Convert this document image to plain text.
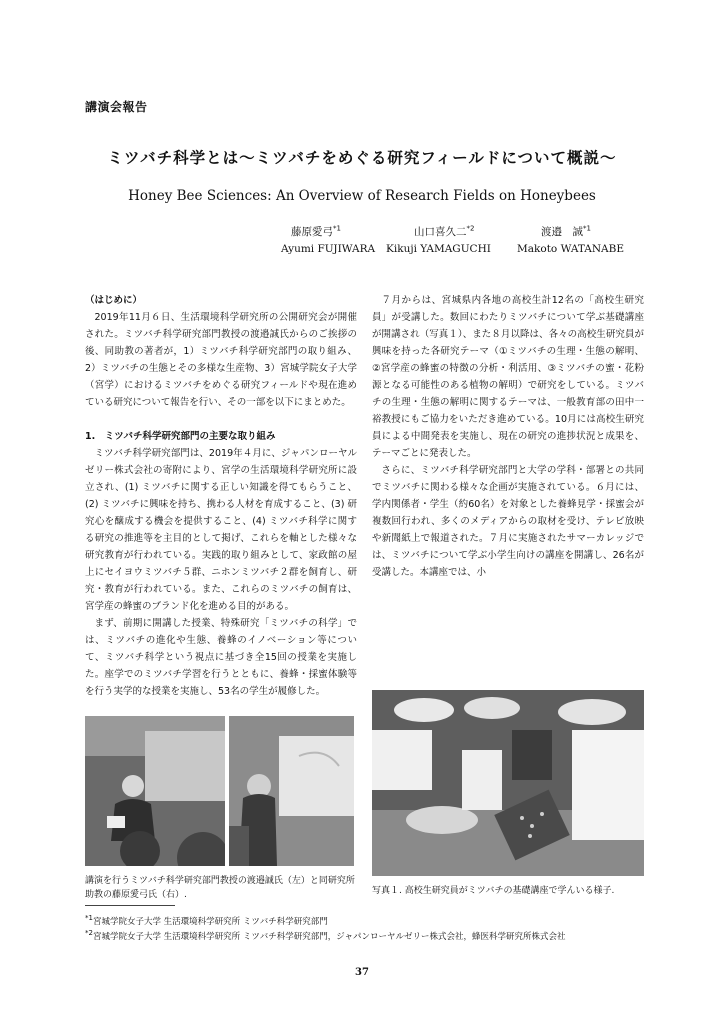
講演会報告
ミツバチ科学とは〜ミツバチをめぐる研究フィールドについて概説〜
Honey Bee Sciences: An Overview of Research Fields on Honeybees
藤原愛弓$^{*1}$	山口喜久二$^{*2}$	渡邉　誠$^{*1}$
Ayumi FUJIWARA Kikuji YAMAGUCHI Makoto WATANABE

（はじめに）

2019年11月６日、生活環境科学研究所の公開研究会が開催された。ミツバチ科学研究部門教授の渡邉誠氏からのご挨拶の後、同助教の著者が，1）ミツバチ科学研究部門の取り組み、2）ミツバチの生態とその多様な生産物、3）宮城学院女子大学（宮学）におけるミツバチをめぐる研究フィールドや現在進めている研究について報告を行い、その一部を以下にまとめた。

1.　ミツバチ科学研究部門の主要な取り組み

ミツバチ科学研究部門は、2019年４月に、ジャパンローヤルゼリー株式会社の寄附により、宮学の生活環境科学研究所に設立され、(1) ミツバチに関する正しい知識を得てもらうこと、(2) ミツバチに興味を持ち、携わる人材を育成すること、(3) 研究心を醸成する機会を提供すること、(4) ミツバチ科学に関する研究の推進等を主目的として掲げ、これらを軸とした様々な研究教育が行われている。実践的取り組みとして、家政館の屋上にセイヨウミツバチ５群、ニホンミツバチ２群を飼育し、研究・教育が行われている。また、これらのミツバチの飼育は、宮学産の蜂蜜のブランド化を進める目的がある。

まず、前期に開講した授業、特殊研究「ミツバチの科学」では、ミツバチの進化や生態、養蜂のイノベーション等について、ミツバチ科学という視点に基づき全15回の授業を実施した。座学でのミツバチ学習を行うとともに、養蜂・採蜜体験等を行う実学的な授業を実施し、53名の学生が履修した。

７月からは、宮城県内各地の高校生計12名の「高校生研究員」が受講した。数回にわたりミツバチについて学ぶ基礎講座が開講され（写真１）、また８月以降は、各々の高校生研究員が興味を持った各研究テーマ（①ミツバチの生理・生態の解明、②宮学産の蜂蜜の特徴の分析・利活用、③ミツバチの蜜・花粉源となる可能性のある植物の解明）で研究をしている。ミツバチの生理・生態の解明に関するテーマは、一般教育部の田中一裕教授にもご協力をいただき進めている。10月には高校生研究員による中間発表を実施し、現在の研究の進捗状況と成果を、テーマごとに発表した。

さらに、ミツバチ科学研究部門と大学の学科・部署との共同でミツバチに関わる様々な企画が実施されている。６月には、学内関係者・学生（約60名）を対象とした養蜂見学・採蜜会が複数回行われ、多くのメディアからの取材を受け、テレビ放映や新聞紙上で報道された。７月に実施されたサマーカレッジでは、ミツバチについて学ぶ小学生向けの講座を開講し、26名が受講した。本講座では、小

講演を行うミツバチ科学研究部門教授の渡邉誠氏（左）と同研究所助教の藤原愛弓氏（右）.	写真１. 高校生研究員がミツバチの基礎講座で学んいる様子.
$^{*1}$宮城学院女子大学 生活環境科学研究所 ミツバチ科学研究部門
$^{*2}$宮城学院女子大学 生活環境科学研究所 ミツバチ科学研究部門，ジャパンローヤルゼリー株式会社，蜂医科学研究所株式会社
37
